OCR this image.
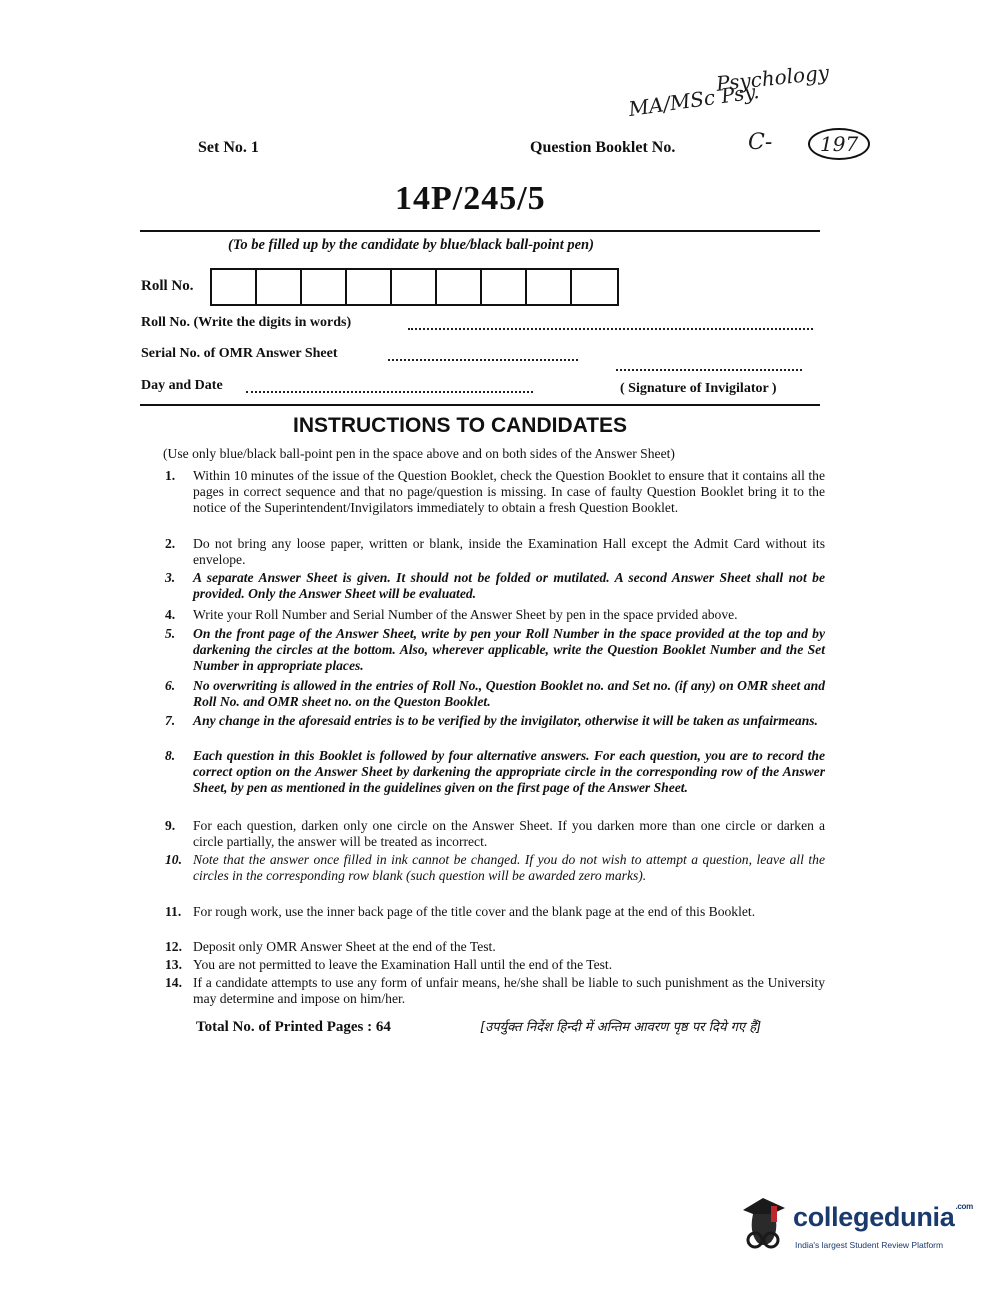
Psychology
MA/MSc Psy.
C-	197
Set No. 1	Question Booklet No.
14P/245/5
(To be filled up by the candidate by blue/black ball-point pen)
Roll No.
Roll No. (Write the digits in words)
Serial No. of OMR Answer Sheet
Day and Date	( Signature of Invigilator )
INSTRUCTIONS TO CANDIDATES
(Use only blue/black ball-point pen in the space above and on both sides of the Answer Sheet)
1.	Within 10 minutes of the issue of the Question Booklet, check the Question Booklet to ensure that it contains all the pages in correct sequence and that no page/question is missing. In case of faulty Question Booklet bring it to the notice of the Superintendent/Invigilators immediately to obtain a fresh Question Booklet.
2.	Do not bring any loose paper, written or blank, inside the Examination Hall except the Admit Card without its envelope.
3.	A separate Answer Sheet is given. It should not be folded or mutilated. A second Answer Sheet shall not be provided. Only the Answer Sheet will be evaluated.
4.	Write your Roll Number and Serial Number of the Answer Sheet by pen in the space prvided above.
5.	On the front page of the Answer Sheet, write by pen your Roll Number in the space provided at the top and by darkening the circles at the bottom. Also, wherever applicable, write the Question Booklet Number and the Set Number in appropriate places.
6.	No overwriting is allowed in the entries of Roll No., Question Booklet no. and Set no. (if any) on OMR sheet and Roll No. and OMR sheet no. on the Queston Booklet.
7.	Any change in the aforesaid entries is to be verified by the invigilator, otherwise it will be taken as unfairmeans.
8.	Each question in this Booklet is followed by four alternative answers. For each question, you are to record the correct option on the Answer Sheet by darkening the appropriate circle in the corresponding row of the Answer Sheet, by pen as mentioned in the guidelines given on the first page of the Answer Sheet.
9.	For each question, darken only one circle on the Answer Sheet. If you darken more than one circle or darken a circle partially, the answer will be treated as incorrect.
10. Note that the answer once filled in ink cannot be changed. If you do not wish to attempt a question, leave all the circles in the corresponding row blank (such question will be awarded zero marks).
11. For rough work, use the inner back page of the title cover and the blank page at the end of this Booklet.
12. Deposit only OMR Answer Sheet at the end of the Test.
13. You are not permitted to leave the Examination Hall until the end of the Test.
14. If a candidate attempts to use any form of unfair means, he/she shall be liable to such punishment as the University may determine and impose on him/her.
Total No. of Printed Pages : 64	[उपर्युक्त निर्देश हिन्दी में अन्तिम आवरण पृष्ठ पर दिये गए हैं]
collegedunia$^{.com}$
India's largest Student Review Platform
